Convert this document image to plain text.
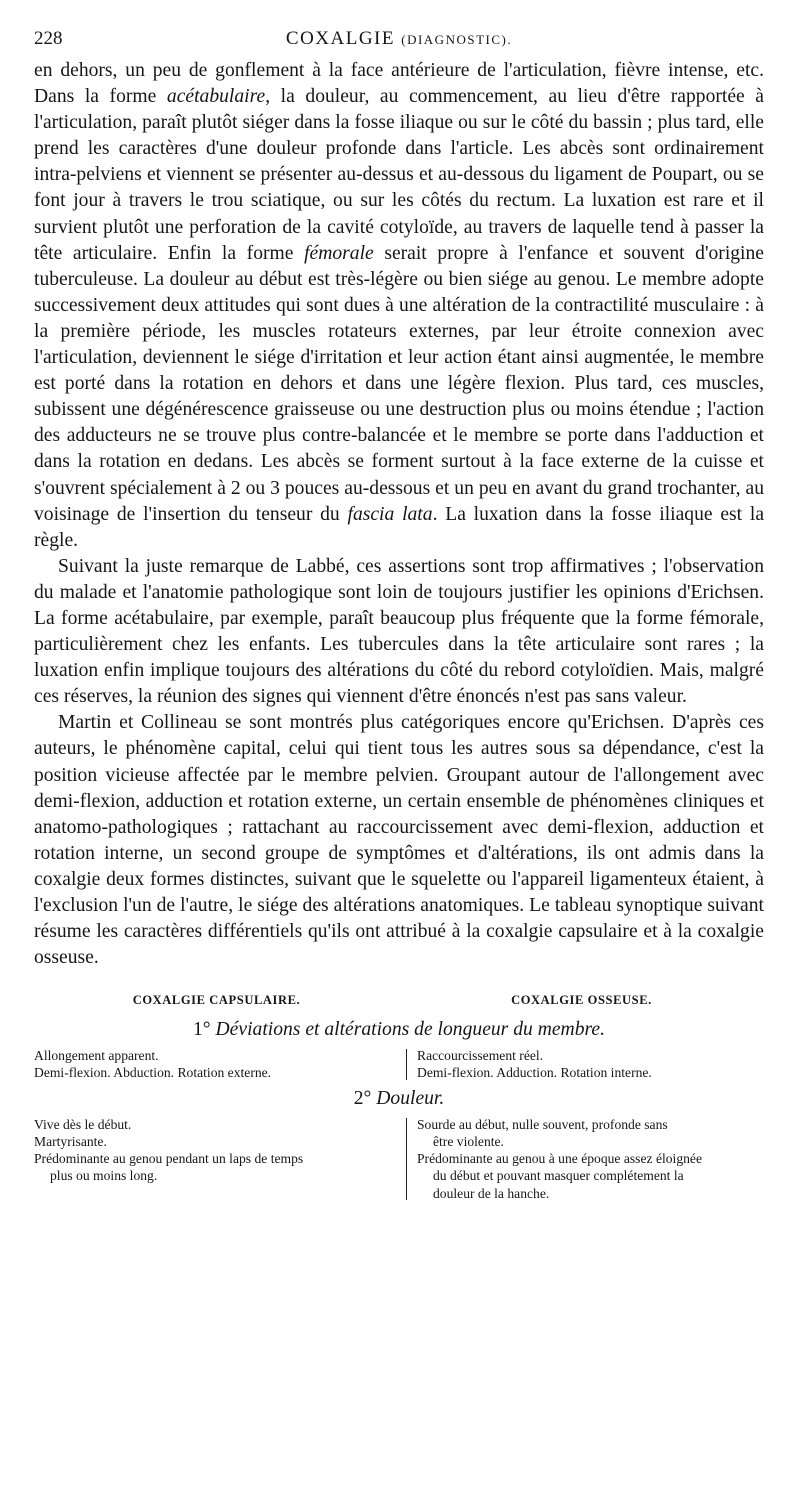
228	COXALGIE (DIAGNOSTIC).

en dehors, un peu de gonflement à la face antérieure de l'articulation, fièvre intense, etc. Dans la forme acétabulaire, la douleur, au commencement, au lieu d'être rapportée à l'articulation, paraît plutôt siéger dans la fosse iliaque ou sur le côté du bassin ; plus tard, elle prend les caractères d'une douleur profonde dans l'article. Les abcès sont ordinairement intra-pelviens et viennent se présenter au-dessus et au-dessous du ligament de Poupart, ou se font jour à travers le trou sciatique, ou sur les côtés du rectum. La luxation est rare et il survient plutôt une perforation de la cavité cotyloïde, au travers de laquelle tend à passer la tête articulaire. Enfin la forme fémorale serait propre à l'enfance et souvent d'origine tuberculeuse. La douleur au début est très-légère ou bien siége au genou. Le membre adopte successivement deux attitudes qui sont dues à une altération de la contractilité musculaire : à la première période, les muscles rotateurs externes, par leur étroite connexion avec l'articulation, deviennent le siége d'irritation et leur action étant ainsi augmentée, le membre est porté dans la rotation en dehors et dans une légère flexion. Plus tard, ces muscles, subissent une dégénérescence graisseuse ou une destruction plus ou moins étendue ; l'action des adducteurs ne se trouve plus contre-balancée et le membre se porte dans l'adduction et dans la rotation en dedans. Les abcès se forment surtout à la face externe de la cuisse et s'ouvrent spécialement à 2 ou 3 pouces au-dessous et un peu en avant du grand trochanter, au voisinage de l'insertion du tenseur du fascia lata. La luxation dans la fosse iliaque est la règle.

Suivant la juste remarque de Labbé, ces assertions sont trop affirmatives ; l'observation du malade et l'anatomie pathologique sont loin de toujours justifier les opinions d'Erichsen. La forme acétabulaire, par exemple, paraît beaucoup plus fréquente que la forme fémorale, particulièrement chez les enfants. Les tubercules dans la tête articulaire sont rares ; la luxation enfin implique toujours des altérations du côté du rebord cotyloïdien. Mais, malgré ces réserves, la réunion des signes qui viennent d'être énoncés n'est pas sans valeur.

Martin et Collineau se sont montrés plus catégoriques encore qu'Erichsen. D'après ces auteurs, le phénomène capital, celui qui tient tous les autres sous sa dépendance, c'est la position vicieuse affectée par le membre pelvien. Groupant autour de l'allongement avec demi-flexion, adduction et rotation externe, un certain ensemble de phénomènes cliniques et anatomo-pathologiques ; rattachant au raccourcissement avec demi-flexion, adduction et rotation interne, un second groupe de symptômes et d'altérations, ils ont admis dans la coxalgie deux formes distinctes, suivant que le squelette ou l'appareil ligamenteux étaient, à l'exclusion l'un de l'autre, le siége des altérations anatomiques. Le tableau synoptique suivant résume les caractères différentiels qu'ils ont attribué à la coxalgie capsulaire et à la coxalgie osseuse.

COXALGIE CAPSULAIRE.	COXALGIE OSSEUSE.
1° Déviations et altérations de longueur du membre.
Allongement apparent.
Demi-flexion. Abduction. Rotation externe.
Raccourcissement réel.
Demi-flexion. Adduction. Rotation interne.
2° Douleur.
Vive dès le début.
Martyrisante.
Prédominante au genou pendant un laps de temps
plus ou moins long.
Sourde au début, nulle souvent, profonde sans
être violente.
Prédominante au genou à une époque assez éloignée
du début et pouvant masquer complétement la
douleur de la hanche.
